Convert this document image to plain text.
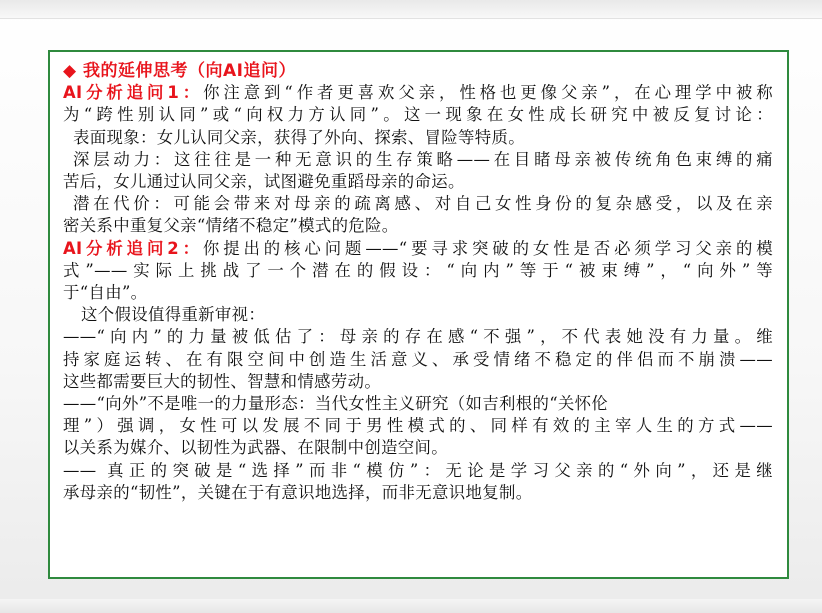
◆ 我的延伸思考（向AI追问）
AI分析追问1：你注意到“作者更喜欢父亲，性格也更像父亲”，在心理学中被称
为“跨性别认同”或“向权力方认同”。这一现象在女性成长研究中被反复讨论：
表面现象：女儿认同父亲，获得了外向、探索、冒险等特质。
深层动力：这往往是一种无意识的生存策略——在目睹母亲被传统角色束缚的痛
苦后，女儿通过认同父亲，试图避免重蹈母亲的命运。
潜在代价：可能会带来对母亲的疏离感、对自己女性身份的复杂感受，以及在亲
密关系中重复父亲“情绪不稳定”模式的危险。
AI分析追问2：你提出的核心问题——“要寻求突破的女性是否必须学习父亲的模
式”——实际上挑战了一个潜在的假设：“向内”等于“被束缚”，“向外”等
于“自由”。
这个假设值得重新审视：
——“向内”的力量被低估了：母亲的存在感“不强”，不代表她没有力量。维
持家庭运转、在有限空间中创造生活意义、承受情绪不稳定的伴侣而不崩溃——
这些都需要巨大的韧性、智慧和情感劳动。
——“向外”不是唯一的力量形态：当代女性主义研究（如吉利根的“关怀伦
理”）强调，女性可以发展不同于男性模式的、同样有效的主宰人生的方式——
以关系为媒介、以韧性为武器、在限制中创造空间。
—— 真正的突破是“选择”而非“模仿”：无论是学习父亲的“外向”，还是继
承母亲的“韧性”，关键在于有意识地选择，而非无意识地复制。
